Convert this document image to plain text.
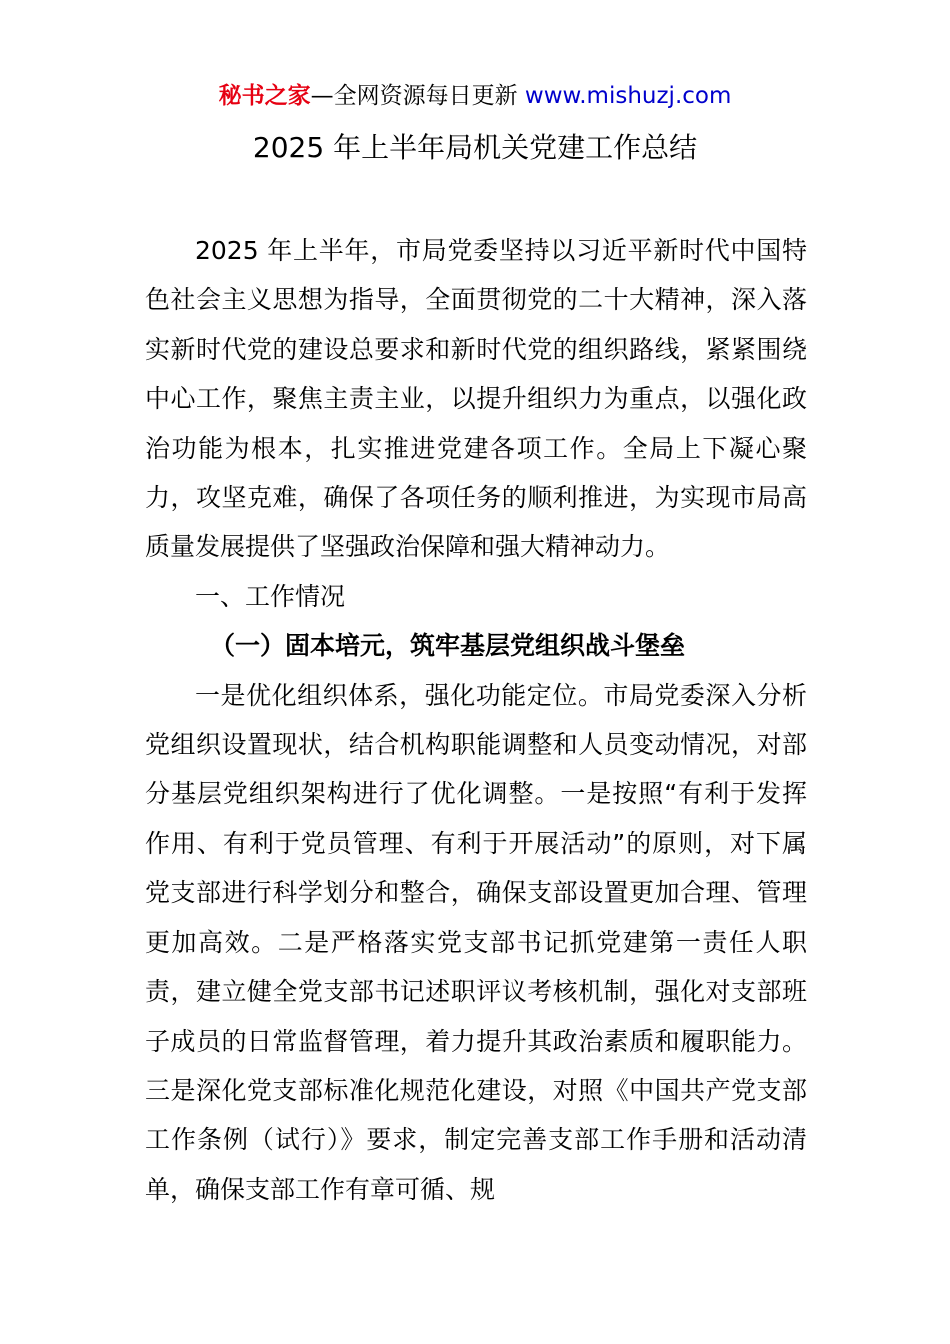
秘书之家—全网资源每日更新 www.mishuzj.com
2025 年上半年局机关党建工作总结

2025 年上半年，市局党委坚持以习近平新时代中国特色社会主义思想为指导，全面贯彻党的二十大精神，深入落实新时代党的建设总要求和新时代党的组织路线，紧紧围绕中心工作，聚焦主责主业，以提升组织力为重点，以强化政治功能为根本，扎实推进党建各项工作。全局上下凝心聚力，攻坚克难，确保了各项任务的顺利推进，为实现市局高质量发展提供了坚强政治保障和强大精神动力。

一、工作情况

（一）固本培元，筑牢基层党组织战斗堡垒

一是优化组织体系，强化功能定位。市局党委深入分析党组织设置现状，结合机构职能调整和人员变动情况，对部分基层党组织架构进行了优化调整。一是按照“有利于发挥作用、有利于党员管理、有利于开展活动”的原则，对下属党支部进行科学划分和整合，确保支部设置更加合理、管理更加高效。二是严格落实党支部书记抓党建第一责任人职责，建立健全党支部书记述职评议考核机制，强化对支部班子成员的日常监督管理，着力提升其政治素质和履职能力。三是深化党支部标准化规范化建设，对照《中国共产党支部工作条例（试行）》要求，制定完善支部工作手册和活动清单，确保支部工作有章可循、规
